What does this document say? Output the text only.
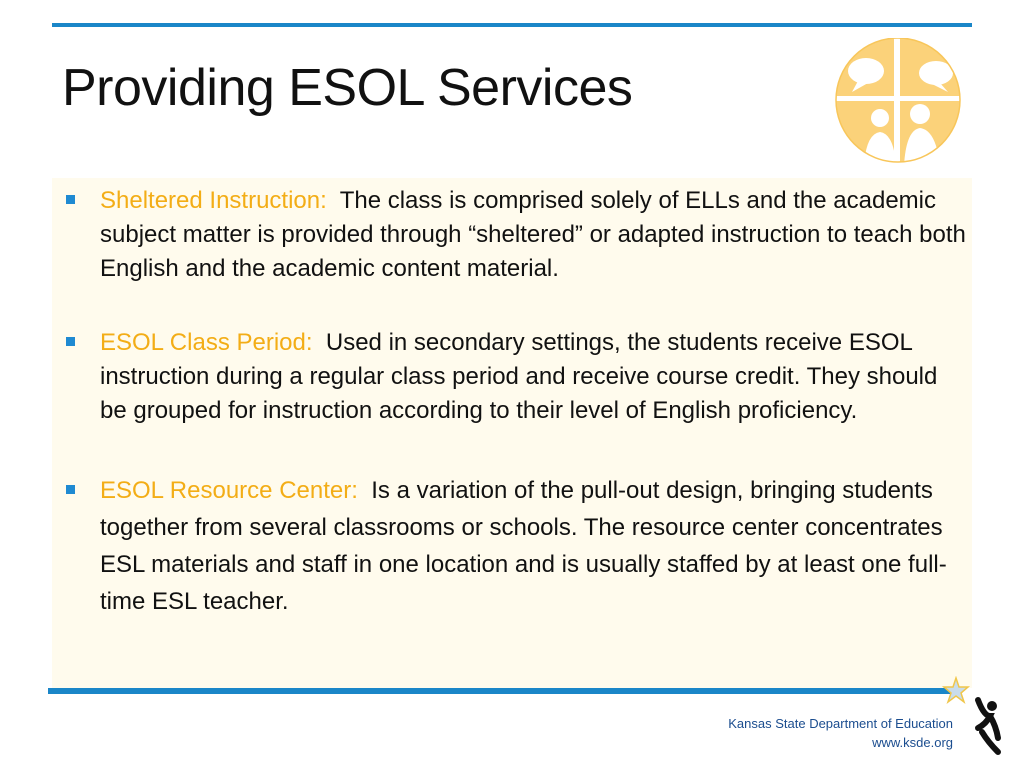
Providing ESOL Services
Sheltered Instruction: The class is comprised solely of ELLs and the academic subject matter is provided through “sheltered” or adapted instruction to teach both English and the academic content material.
ESOL Class Period: Used in secondary settings, the students receive ESOL instruction during a regular class period and receive course credit. They should be grouped for instruction according to their level of English proficiency.
ESOL Resource Center: Is a variation of the pull-out design, bringing students together from several classrooms or schools. The resource center concentrates ESL materials and staff in one location and is usually staffed by at least one full-time ESL teacher.
Kansas State Department of Education
www.ksde.org
